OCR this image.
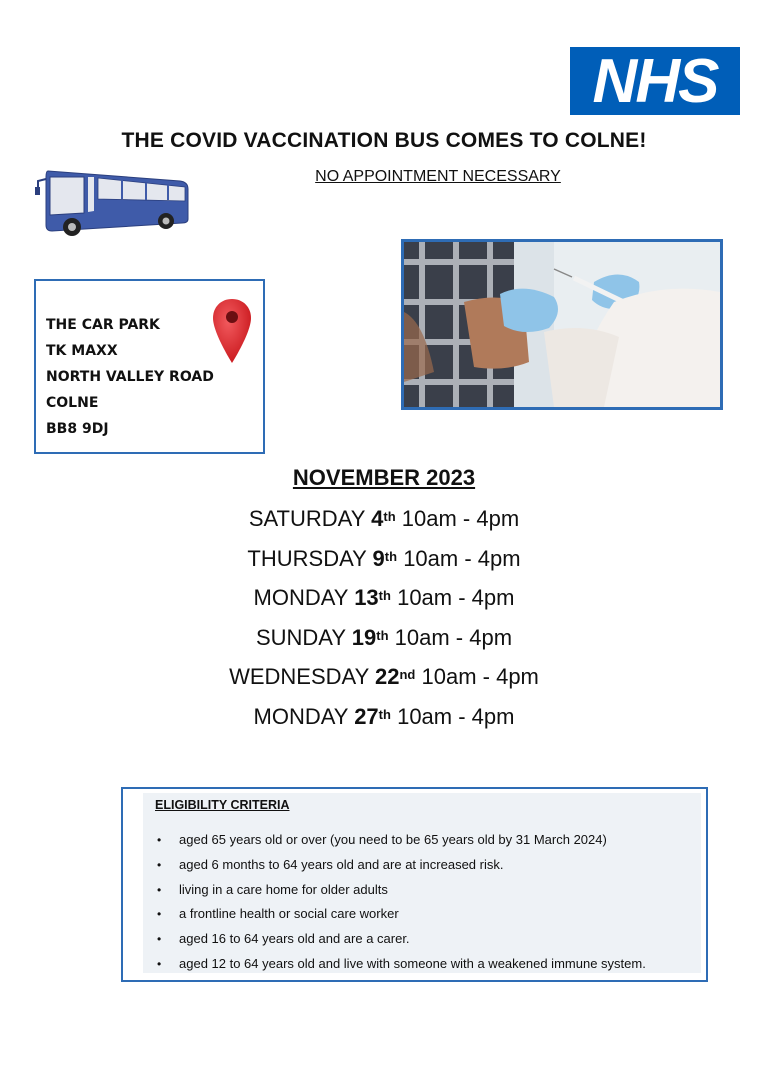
NHS
THE COVID VACCINATION BUS COMES TO COLNE!
NO APPOINTMENT NECESSARY
THE CAR PARK
TK MAXX
NORTH VALLEY ROAD
COLNE
BB8 9DJ
NOVEMBER 2023
SATURDAY 4th 10am - 4pm
THURSDAY 9th 10am - 4pm
MONDAY 13th 10am - 4pm
SUNDAY 19th 10am - 4pm
WEDNESDAY 22nd 10am - 4pm
MONDAY 27th 10am - 4pm
ELIGIBILITY CRITERIA
• aged 65 years old or over (you need to be 65 years old by 31 March 2024)
• aged 6 months to 64 years old and are at increased risk.
• living in a care home for older adults
• a frontline health or social care worker
• aged 16 to 64 years old and are a carer.
• aged 12 to 64 years old and live with someone with a weakened immune system.
